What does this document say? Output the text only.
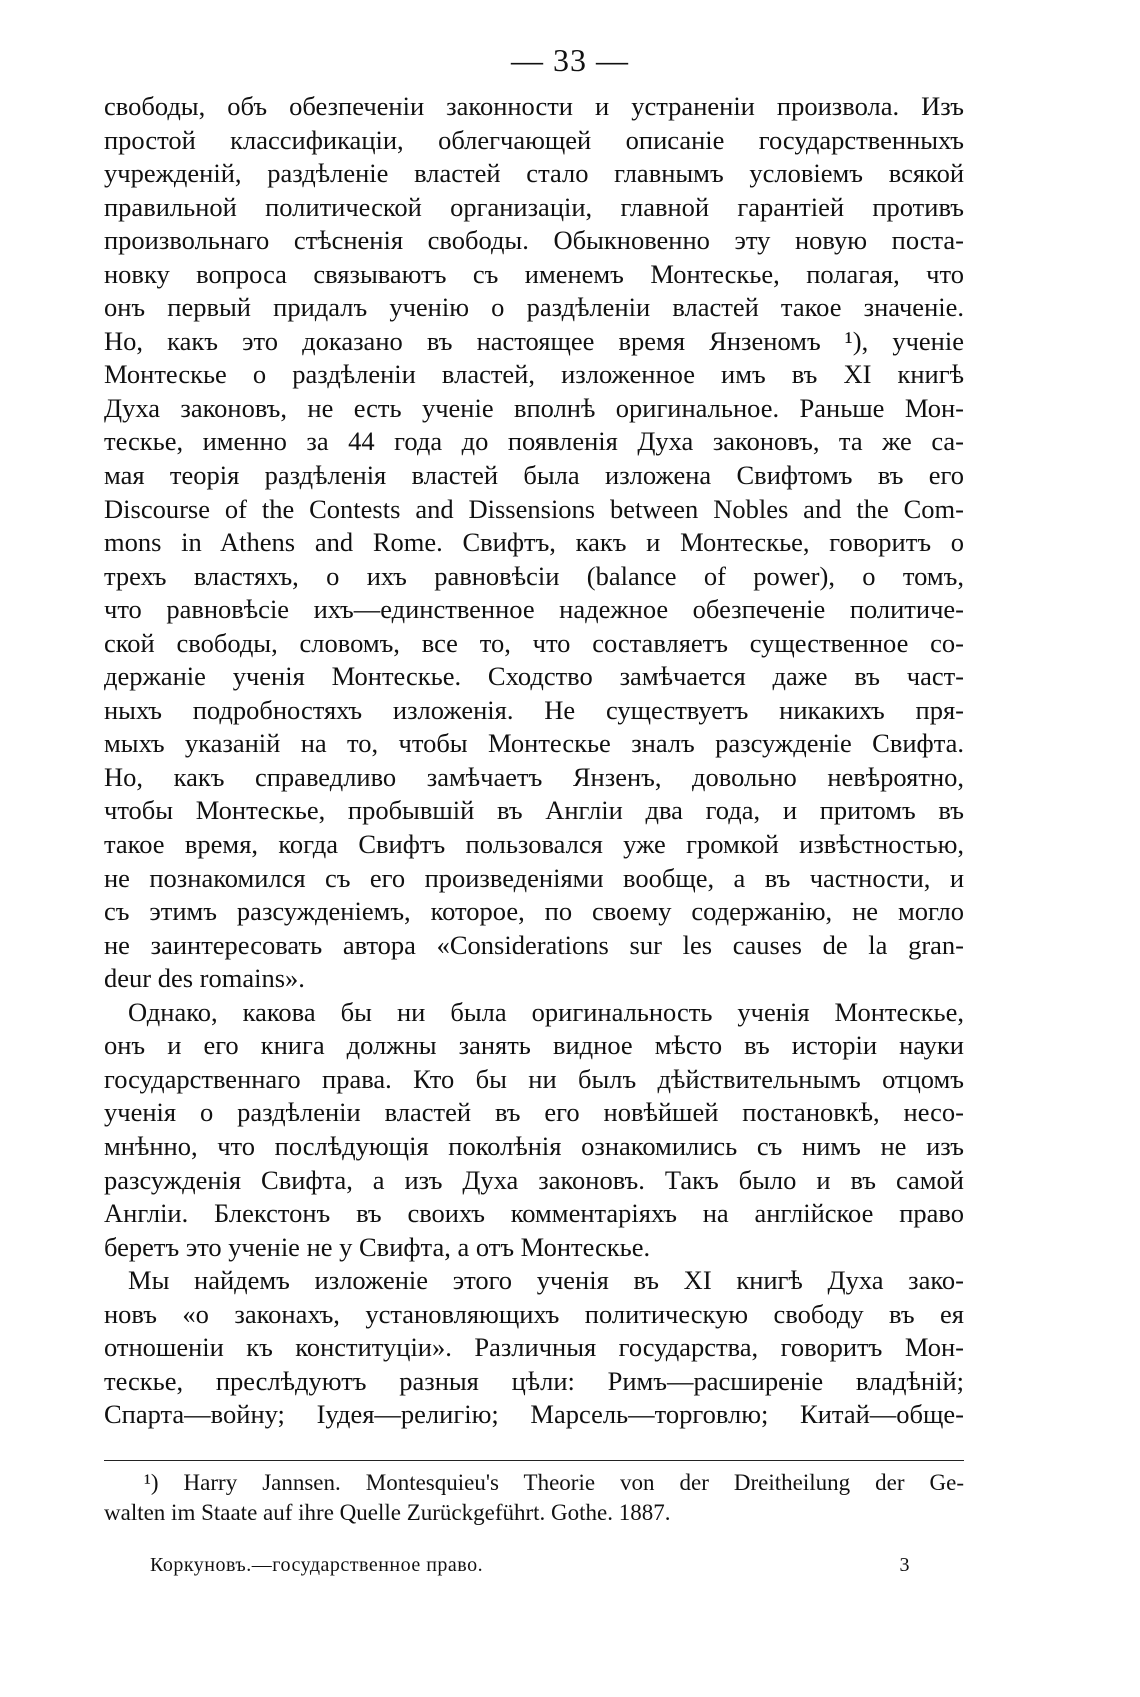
— 33 —
свободы, объ обезпеченіи законности и устраненіи произвола. Изъ
простой классификаціи, облегчающей описаніе государственныхъ
учрежденій, раздѣленіе властей стало главнымъ условіемъ всякой
правильной политической организаціи, главной гарантіей противъ
произвольнаго стѣсненія свободы. Обыкновенно эту новую поста-
новку вопроса связываютъ съ именемъ Монтескье, полагая, что
онъ первый придалъ ученію о раздѣленіи властей такое значеніе.
Но, какъ это доказано въ настоящее время Янзеномъ ¹), ученіе
Монтескье о раздѣленіи властей, изложенное имъ въ XI книгѣ
Духа законовъ, не есть ученіе вполнѣ оригинальное. Раньше Мон-
тескье, именно за 44 года до появленія Духа законовъ, та же са-
мая теорія раздѣленія властей была изложена Свифтомъ въ его
Discourse of the Contests and Dissensions between Nobles and the Com-
mons in Athens and Rome. Свифтъ, какъ и Монтескье, говоритъ о
трехъ властяхъ, о ихъ равновѣсіи (balance of power), о томъ,
что равновѣсіе ихъ—единственное надежное обезпеченіе политиче-
ской свободы, словомъ, все то, что составляетъ существенное со-
держаніе ученія Монтескье. Сходство замѣчается даже въ част-
ныхъ подробностяхъ изложенія. Не существуетъ никакихъ пря-
мыхъ указаній на то, чтобы Монтескье зналъ разсужденіе Свифта.
Но, какъ справедливо замѣчаетъ Янзенъ, довольно невѣроятно,
чтобы Монтескье, пробывшій въ Англіи два года, и притомъ въ
такое время, когда Свифтъ пользовался уже громкой извѣстностью,
не познакомился съ его произведеніями вообще, а въ частности, и
съ этимъ разсужденіемъ, которое, по своему содержанію, не могло
не заинтересовать автора «Considerations sur les causes de la gran-
deur des romains».
Однако, какова бы ни была оригинальность ученія Монтескье,
онъ и его книга должны занять видное мѣсто въ исторіи науки
государственнаго права. Кто бы ни былъ дѣйствительнымъ отцомъ
ученія о раздѣленіи властей въ его новѣйшей постановкѣ, несо-
мнѣнно, что послѣдующія поколѣнія ознакомились съ нимъ не изъ
разсужденія Свифта, а изъ Духа законовъ. Такъ было и въ самой
Англіи. Блекстонъ въ своихъ комментаріяхъ на англійское право
беретъ это ученіе не у Свифта, а отъ Монтескье.
Мы найдемъ изложеніе этого ученія въ XI книгѣ Духа зако-
новъ «о законахъ, установляющихъ политическую свободу въ ея
отношеніи къ конституціи». Различныя государства, говоритъ Мон-
тескье, преслѣдуютъ разныя цѣли: Римъ—расширеніе владѣній;
Спарта—войну; Іудея—религію; Марсель—торговлю; Китай—обще-
¹) Harry Jannsen. Montesquieu's Theorie von der Dreitheilung der Ge-
walten im Staate auf ihre Quelle Zurückgeführt. Gothe. 1887.
Коркуновъ.—государственное право.	3
